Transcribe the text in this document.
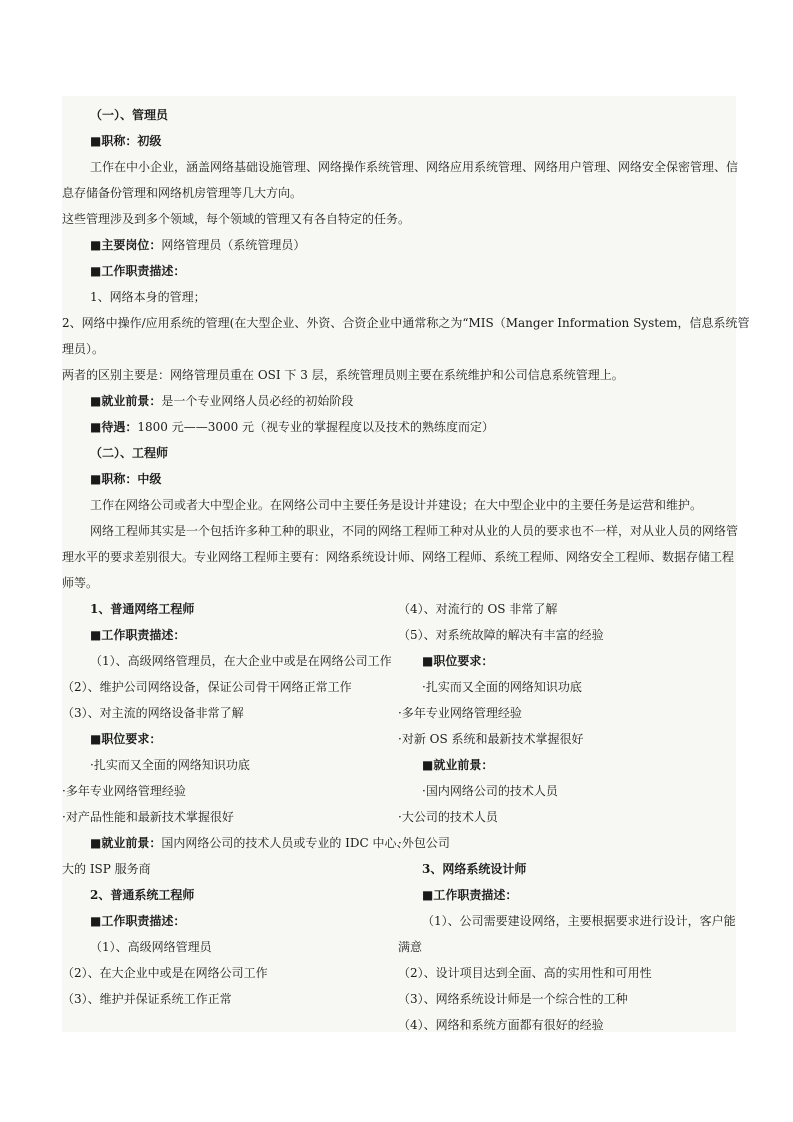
（一）、管理员
■职称：初级
工作在中小企业，涵盖网络基础设施管理、网络操作系统管理、网络应用系统管理、网络用户管理、网络安全保密管理、信
息存储备份管理和网络机房管理等几大方向。
这些管理涉及到多个领域，每个领域的管理又有各自特定的任务。
■主要岗位：网络管理员（系统管理员）
■工作职责描述：
1、网络本身的管理；
2、网络中操作/应用系统的管理(在大型企业、外资、合资企业中通常称之为“MIS（Manger Information System，信息系统管
理员）。
两者的区别主要是：网络管理员重在 OSI 下 3 层，系统管理员则主要在系统维护和公司信息系统管理上。
■就业前景：是一个专业网络人员必经的初始阶段
■待遇：1800 元——3000 元（视专业的掌握程度以及技术的熟练度而定）
（二）、工程师
■职称：中级
工作在网络公司或者大中型企业。在网络公司中主要任务是设计并建设；在大中型企业中的主要任务是运营和维护。
网络工程师其实是一个包括许多种工种的职业，不同的网络工程师工种对从业的人员的要求也不一样，对从业人员的网络管
理水平的要求差别很大。专业网络工程师主要有：网络系统设计师、网络工程师、系统工程师、网络安全工程师、数据存储工程
师等。
1、普通网络工程师
■工作职责描述：
（1）、高级网络管理员，在大企业中或是在网络公司工作
（2）、维护公司网络设备，保证公司骨干网络正常工作
（3）、对主流的网络设备非常了解
■职位要求：
·扎实而又全面的网络知识功底
·多年专业网络管理经验
·对产品性能和最新技术掌握很好
■就业前景：国内网络公司的技术人员或专业的 IDC 中心、
大的 ISP 服务商
2、普通系统工程师
■工作职责描述：
（1）、高级网络管理员
（2）、在大企业中或是在网络公司工作
（3）、维护并保证系统工作正常
（4）、对流行的 OS 非常了解
（5）、对系统故障的解决有丰富的经验
■职位要求：
·扎实而又全面的网络知识功底
·多年专业网络管理经验
·对新 OS 系统和最新技术掌握很好
■就业前景：
·国内网络公司的技术人员
·大公司的技术人员
·外包公司
3、网络系统设计师
■工作职责描述：
（1）、公司需要建设网络，主要根据要求进行设计，客户能
满意
（2）、设计项目达到全面、高的实用性和可用性
（3）、网络系统设计师是一个综合性的工种
（4）、网络和系统方面都有很好的经验
